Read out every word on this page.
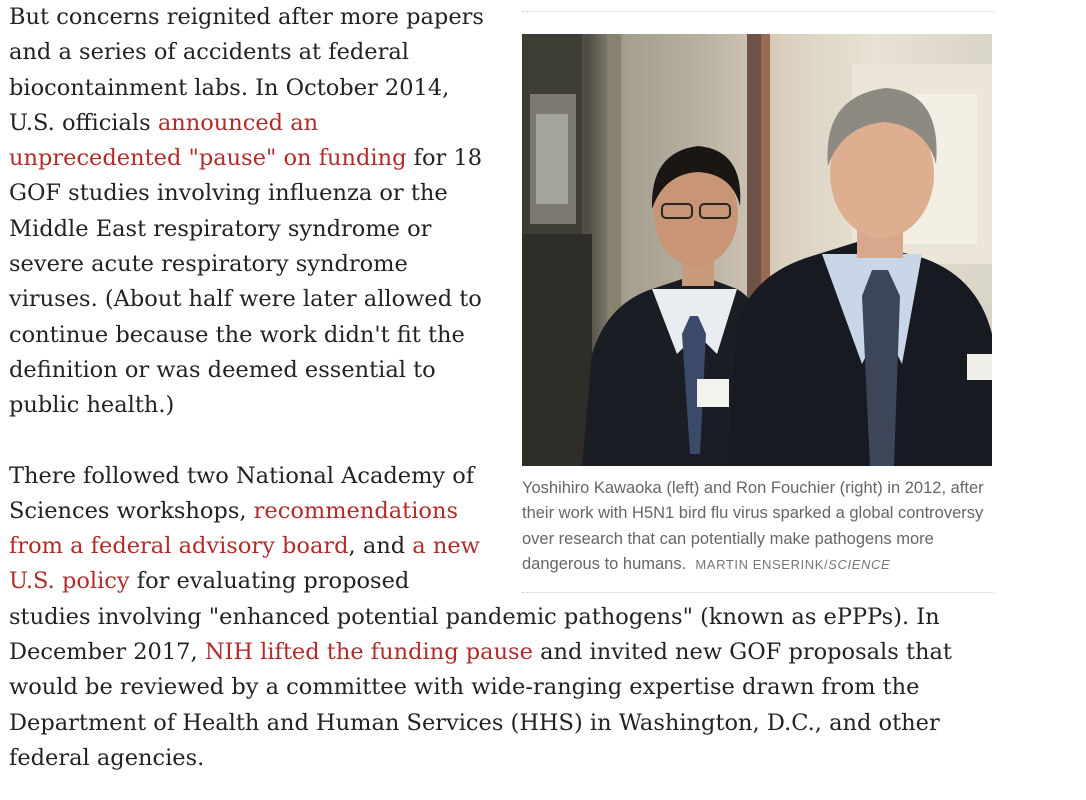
Yoshihiro Kawaoka (left) and Ron Fouchier (right) in 2012, after their work with H5N1 bird flu virus sparked a global controversy over research that can potentially make pathogens more dangerous to humans. MARTIN ENSERINK/SCIENCE

But concerns reignited after more papers and a series of accidents at federal biocontainment labs. In October 2014, U.S. officials announced an unprecedented "pause" on funding for 18 GOF studies involving influenza or the Middle East respiratory syndrome or severe acute respiratory syndrome viruses. (About half were later allowed to continue because the work didn't fit the definition or was deemed essential to public health.)

There followed two National Academy of Sciences workshops, recommendations from a federal advisory board, and a new U.S. policy for evaluating proposed studies involving "enhanced potential pandemic pathogens" (known as ePPPs). In December 2017, NIH lifted the funding pause and invited new GOF proposals that would be reviewed by a committee with wide-ranging expertise drawn from the Department of Health and Human Services (HHS) in Washington, D.C., and other federal agencies.
